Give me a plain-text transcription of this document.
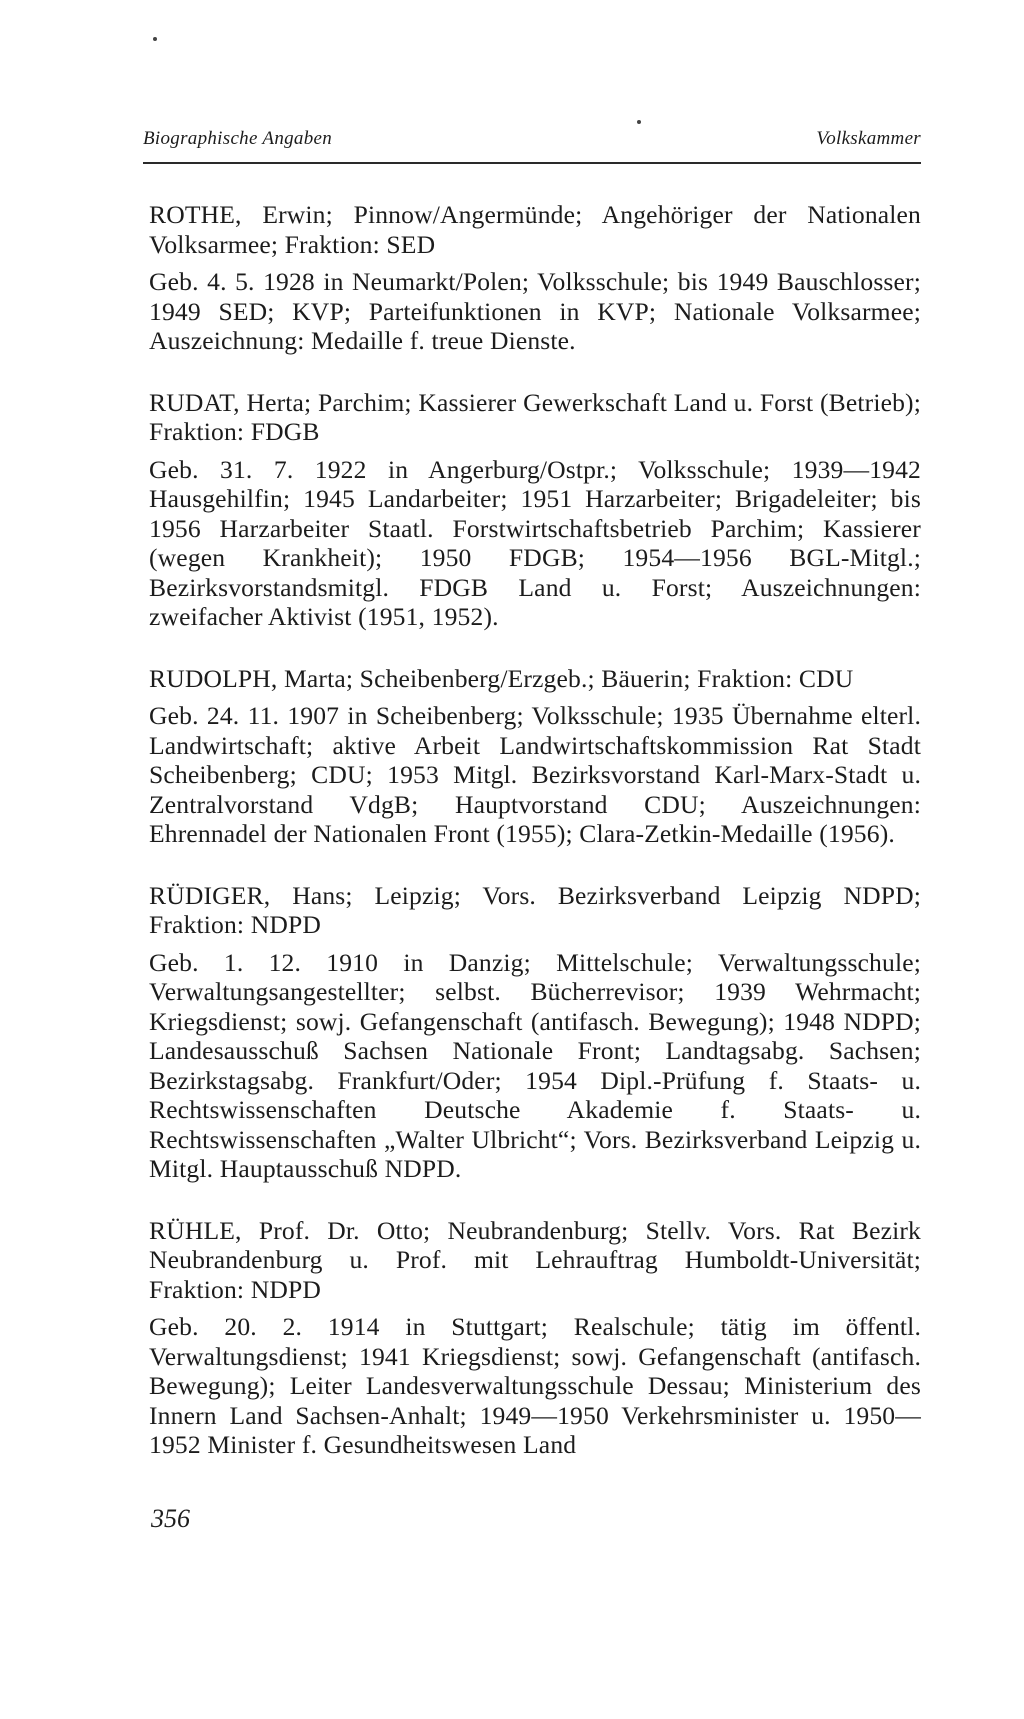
Biographische Angaben	Volkskammer

ROTHE, Erwin; Pinnow/Angermünde; Angehöriger der Nationalen Volksarmee; Fraktion: SED

Geb. 4. 5. 1928 in Neumarkt/Polen; Volksschule; bis 1949 Bauschlosser; 1949 SED; KVP; Parteifunktionen in KVP; Nationale Volksarmee; Auszeichnung: Medaille f. treue Dienste.

RUDAT, Herta; Parchim; Kassierer Gewerkschaft Land u. Forst (Betrieb); Fraktion: FDGB

Geb. 31. 7. 1922 in Angerburg/Ostpr.; Volksschule; 1939—1942 Hausgehilfin; 1945 Landarbeiter; 1951 Harzarbeiter; Brigadeleiter; bis 1956 Harzarbeiter Staatl. Forstwirtschaftsbetrieb Parchim; Kassierer (wegen Krankheit); 1950 FDGB; 1954—1956 BGL-Mitgl.; Bezirksvorstandsmitgl. FDGB Land u. Forst; Auszeichnungen: zweifacher Aktivist (1951, 1952).

RUDOLPH, Marta; Scheibenberg/Erzgeb.; Bäuerin; Fraktion: CDU

Geb. 24. 11. 1907 in Scheibenberg; Volksschule; 1935 Übernahme elterl. Landwirtschaft; aktive Arbeit Landwirtschaftskommission Rat Stadt Scheibenberg; CDU; 1953 Mitgl. Bezirksvorstand Karl-Marx-Stadt u. Zentralvorstand VdgB; Hauptvorstand CDU; Auszeichnungen: Ehrennadel der Nationalen Front (1955); Clara-Zetkin-Medaille (1956).

RÜDIGER, Hans; Leipzig; Vors. Bezirksverband Leipzig NDPD; Fraktion: NDPD

Geb. 1. 12. 1910 in Danzig; Mittelschule; Verwaltungsschule; Verwaltungsangestellter; selbst. Bücherrevisor; 1939 Wehrmacht; Kriegsdienst; sowj. Gefangenschaft (antifasch. Bewegung); 1948 NDPD; Landesausschuß Sachsen Nationale Front; Landtagsabg. Sachsen; Bezirkstagsabg. Frankfurt/Oder; 1954 Dipl.-Prüfung f. Staats- u. Rechtswissenschaften Deutsche Akademie f. Staats- u. Rechtswissenschaften „Walter Ulbricht“; Vors. Bezirksverband Leipzig u. Mitgl. Hauptausschuß NDPD.

RÜHLE, Prof. Dr. Otto; Neubrandenburg; Stellv. Vors. Rat Bezirk Neubrandenburg u. Prof. mit Lehrauftrag Humboldt-Universität; Fraktion: NDPD

Geb. 20. 2. 1914 in Stuttgart; Realschule; tätig im öffentl. Verwaltungsdienst; 1941 Kriegsdienst; sowj. Gefangenschaft (antifasch. Bewegung); Leiter Landesverwaltungsschule Dessau; Ministerium des Innern Land Sachsen-Anhalt; 1949—1950 Verkehrsminister u. 1950—1952 Minister f. Gesundheitswesen Land

356
